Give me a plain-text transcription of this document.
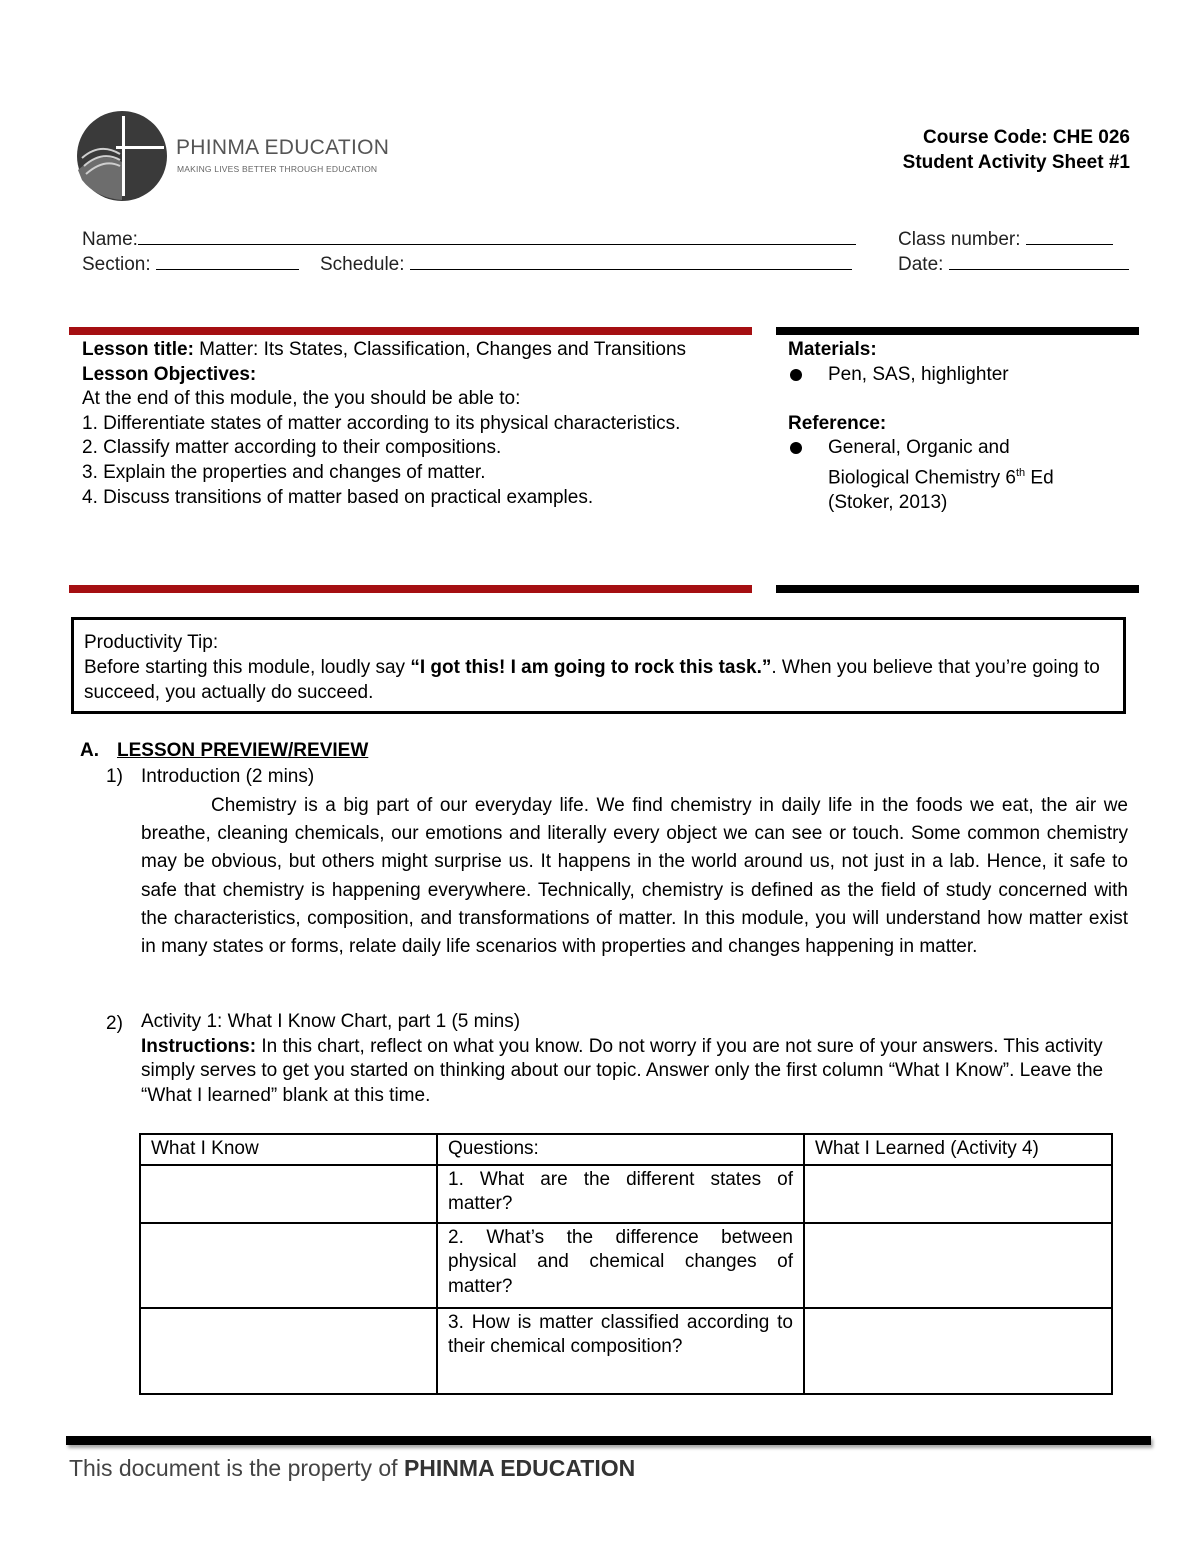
PHINMA EDUCATION
MAKING LIVES BETTER THROUGH EDUCATION
Course Code: CHE 026
Student Activity Sheet #1
Name:	Class number:
Section:	Schedule:	Date:
Lesson title: Matter: Its States, Classification, Changes and Transitions
Lesson Objectives:
At the end of this module, the you should be able to:
1. Differentiate states of matter according to its physical characteristics.
2. Classify matter according to their compositions.
3. Explain the properties and changes of matter.
4. Discuss transitions of matter based on practical examples.
Materials:
Pen, SAS, highlighter
Reference:
General, Organic and
Biological Chemistry 6th Ed
(Stoker, 2013)
Productivity Tip:
Before starting this module, loudly say “I got this! I am going to rock this task.”. When you believe that you’re going to succeed, you actually do succeed.
A. LESSON PREVIEW/REVIEW
1) Introduction (2 mins)
Chemistry is a big part of our everyday life. We find chemistry in daily life in the foods we eat, the air we breathe, cleaning chemicals, our emotions and literally every object we can see or touch. Some common chemistry may be obvious, but others might surprise us. It happens in the world around us, not just in a lab. Hence, it safe to safe that chemistry is happening everywhere. Technically, chemistry is defined as the field of study concerned with the characteristics, composition, and transformations of matter. In this module, you will understand how matter exist in many states or forms, relate daily life scenarios with properties and changes happening in matter.
2) Activity 1: What I Know Chart, part 1 (5 mins)
Instructions: In this chart, reflect on what you know. Do not worry if you are not sure of your answers. This activity simply serves to get you started on thinking about our topic. Answer only the first column “What I Know”. Leave the “What I learned” blank at this time.
What I Know	Questions:	What I Learned (Activity 4)
	1. What are the different states of matter?	
	2. What’s the difference between physical and chemical changes of matter?	
	3. How is matter classified according to their chemical composition?	
This document is the property of PHINMA EDUCATION
